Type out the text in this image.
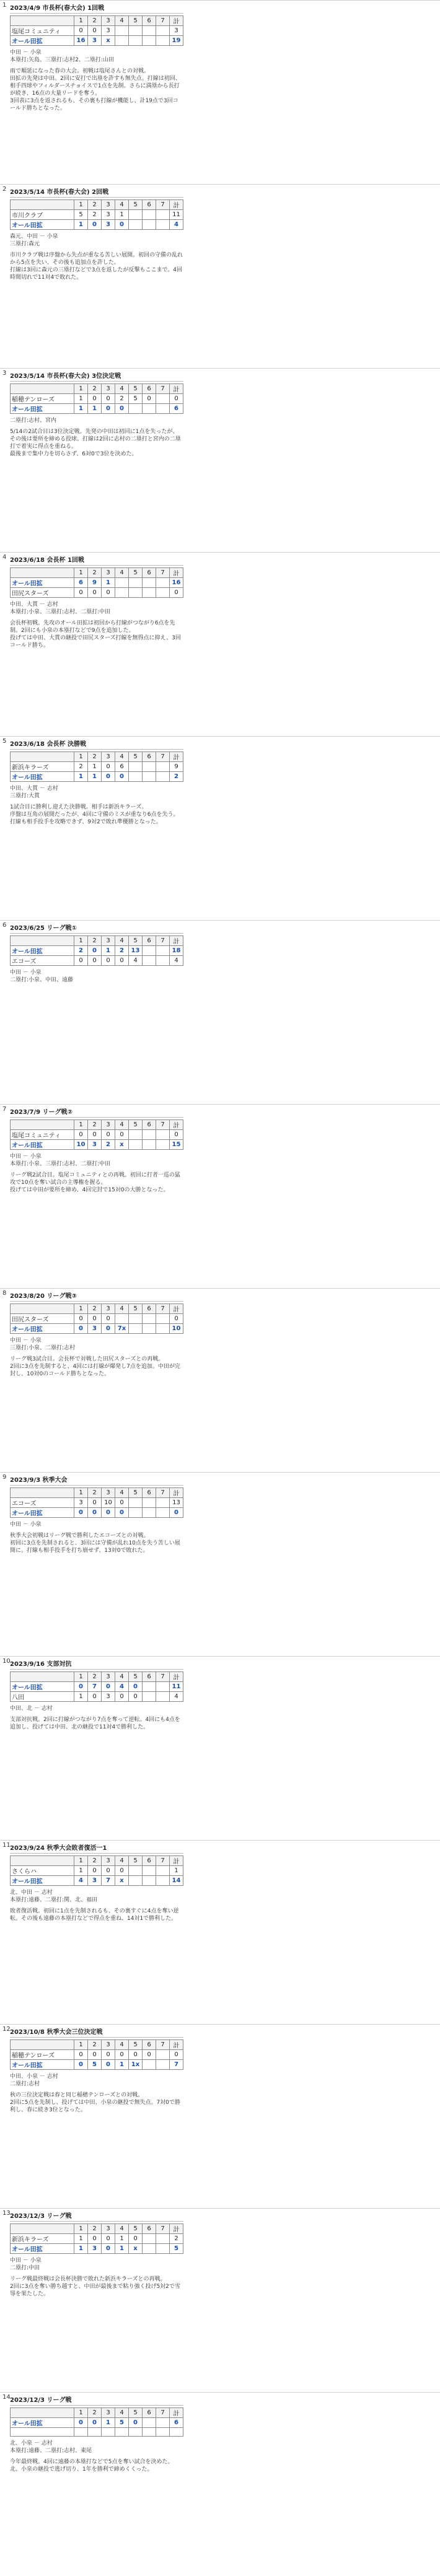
1 2023/4/9 市長杯(春大会) 1回戦
	1	2	3	4	5	6	7	計
塩尾コミュニティ	0	0	3					3
オール田拡	16	3	x					19
中田 － 小泉
本塁打:矢島、三塁打:志村2、二塁打:山田
雨で順延になった春の大会。初戦は塩尾さんとの対戦。
田拡の先発は中田。2回に安打で出塁を許すも無失点。打線は初回、相手四球やフィルダースチョイスで1点を先制。さらに満塁から長打が続き、16点の大量リードを奪う。
3回表に3点を返されるも、その裏も打線が機能し、計19点で3回コールド勝ちとなった。
2 2023/5/14 市長杯(春大会) 2回戦
	1	2	3	4	5	6	7	計
市川クラブ	5	2	3	1				11
オール田拡	1	0	3	0				4
森元、中田 － 小泉
三塁打:森元
市川クラブ戦は序盤から失点が重なる苦しい展開。初回の守備の乱れから5点を失い、その後も追加点を許した。
打線は3回に森元の三塁打などで3点を返したが反撃もここまで。4回時間切れで11対4で敗れた。
3 2023/5/14 市長杯(春大会) 3位決定戦
	1	2	3	4	5	6	7	計
稲穂テンローズ	1	0	0	2	5	0		0
オール田拡	1	1	0	0				6
二塁打:志村、宮内
5/14の2試合目は3位決定戦。先発の中田は初回に1点を失ったが、その後は要所を締める投球。打線は2回に志村の二塁打と宮内の二塁打で着実に得点を重ねる。
最後まで集中力を切らさず、6対0で3位を決めた。
4 2023/6/18 会長杯 1回戦
	1	2	3	4	5	6	7	計
オール田拡	6	9	1					16
田尻スターズ	0	0	0					0
中田、大貫 － 志村
本塁打:小泉、三塁打:志村、二塁打:中田
会長杯初戦。先攻のオール田拡は初回から打線がつながり6点を先制。2回にも小泉の本塁打などで9点を追加した。
投げては中田、大貫の継投で田尻スターズ打線を無得点に抑え、3回コールド勝ち。
5 2023/6/18 会長杯 決勝戦
	1	2	3	4	5	6	7	計
新浜キラーズ	2	1	0	6				9
オール田拡	1	1	0	0				2
中田、大貫 － 志村
三塁打:大貫
1試合目に勝利し迎えた決勝戦。相手は新浜キラーズ。
序盤は互角の展開だったが、4回に守備のミスが重なり6点を失う。打線も相手投手を攻略できず、9対2で敗れ準優勝となった。
6 2023/6/25 リーグ戦①
	1	2	3	4	5	6	7	計
オール田拡	2	0	1	2	13			18
エコーズ	0	0	0	0	4			4
中田 － 小泉
二塁打:小泉、中田、遠藤
7 2023/7/9 リーグ戦②
	1	2	3	4	5	6	7	計
塩尾コミュニティ	0	0	0	0				0
オール田拡	10	3	2	x				15
中田 － 小泉
本塁打:小泉、三塁打:志村、二塁打:中田
リーグ戦2試合目。塩尾コミュニティとの再戦。初回に打者一巡の猛攻で10点を奪い試合の主導権を握る。
投げては中田が要所を締め、4回完封で15対0の大勝となった。
8 2023/8/20 リーグ戦③
	1	2	3	4	5	6	7	計
田尻スターズ	0	0	0					0
オール田拡	0	3	0	7x				10
中田 － 小泉
三塁打:小泉、二塁打:志村
リーグ戦3試合目。会長杯で対戦した田尻スターズとの再戦。
2回に3点を先制すると、4回には打線が爆発し7点を追加。中田が完封し、10対0のコールド勝ちとなった。
9 2023/9/3 秋季大会
	1	2	3	4	5	6	7	計
エコーズ	3	0	10	0				13
オール田拡	0	0	0	0				0
中田 － 小泉
秋季大会初戦はリーグ戦で勝利したエコーズとの対戦。
初回に3点を先制されると、3回には守備が乱れ10点を失う苦しい展開に。打線も相手投手を打ち崩せず、13対0で敗れた。
10 2023/9/16 支部対抗
	1	2	3	4	5	6	7	計
オール田拡	0	7	0	4	0			11
八田	1	0	3	0	0			4
中田、北 － 志村
支部対抗戦。2回に打線がつながり7点を奪って逆転。4回にも4点を追加し、投げては中田、北の継投で11対4で勝利した。
11 2023/9/24 秋季大会敗者復活一1
	1	2	3	4	5	6	7	計
さくらハ	1	0	0	0				1
オール田拡	4	3	7	x				14
北、中田 － 志村
本塁打:遠藤、二塁打:関、北、福田
敗者復活戦。初回に1点を先制されるも、その裏すぐに4点を奪い逆転。その後も遠藤の本塁打などで得点を重ね、14対1で勝利した。
12 2023/10/8 秋季大会三位決定戦
	1	2	3	4	5	6	7	計
稲穂テンローズ	0	0	0	0	0	0		0
オール田拡	0	5	0	1	1x			7
中田、小泉 － 志村
二塁打:志村
秋の三位決定戦は春と同じ稲穂テンローズとの対戦。
2回に5点を先制し、投げては中田、小泉の継投で無失点。7対0で勝利し、春に続き3位となった。
13 2023/12/3 リーグ戦
	1	2	3	4	5	6	7	計
新浜キラーズ	1	0	0	1	0			2
オール田拡	1	3	0	1	x			5
中田 － 小泉
二塁打:中田
リーグ戦最終戦は会長杯決勝で敗れた新浜キラーズとの再戦。
2回に3点を奪い勝ち越すと、中田が最後まで粘り強く投げ5対2で雪辱を果たした。
14 2023/12/3 リーグ戦
	1	2	3	4	5	6	7	計
オール田拡	0	0	1	5	0			6

北、小泉 － 志村
本塁打:遠藤、二塁打:志村、東尾
今年最終戦。4回に遠藤の本塁打などで5点を奪い試合を決めた。
北、小泉の継投で逃げ切り、1年を勝利で締めくくった。
